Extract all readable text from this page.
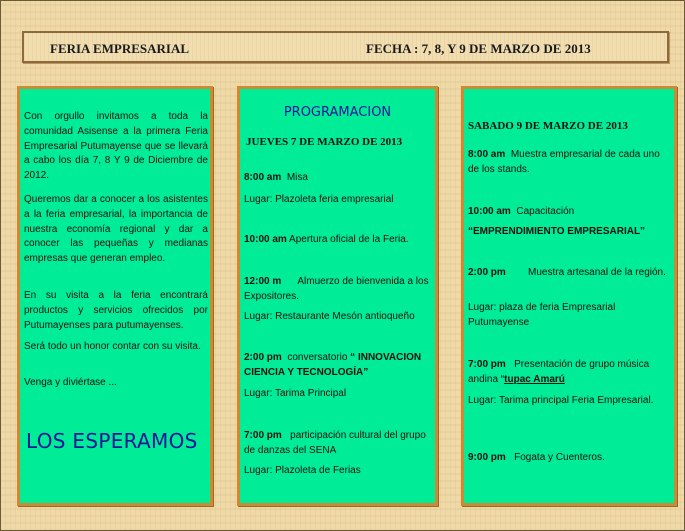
FERIA EMPRESARIAL	FECHA : 7, 8, Y 9 DE MARZO DE 2013

Con orgullo invitamos a toda la comunidad Asisense a la primera Feria Empresarial Putumayense que se llevará a cabo los día 7, 8 Y 9 de Diciembre de 2012.

Queremos dar a conocer a los asistentes a la feria empresarial, la importancia de nuestra economía regional y dar a conocer las pequeñas y medianas empresas que generan empleo.

En su visita a la feria encontrará productos y servicios ofrecidos por Putumayenses para putumayenses.

Será todo un honor contar con su visita.

Venga y diviértase ...

LOS ESPERAMOS
PROGRAMACION
JUEVES 7 DE MARZO DE 2013
8:00 am Misa
Lugar: Plazoleta feria empresarial
10:00 am Apertura oficial de la Feria.
12:00 m Almuerzo de bienvenida a los Expositores.
Lugar: Restaurante Mesón antioqueño
2:00 pm conversatorio “ INNOVACION CIENCIA Y TECNOLOGÍA”
Lugar: Tarima Principal
7:00 pm participación cultural del grupo de danzas del SENA
Lugar: Plazoleta de Ferias
SABADO 9 DE MARZO DE 2013
8:00 am Muestra empresarial de cada uno de los stands.
10:00 am Capacitación
“EMPRENDIMIENTO EMPRESARIAL”
2:00 pm Muestra artesanal de la región.
Lugar: plaza de feria Empresarial Putumayense
7:00 pm Presentación de grupo música andina “tupac Amarú
Lugar: Tarima principal Feria Empresarial.
9:00 pm Fogata y Cuenteros.
